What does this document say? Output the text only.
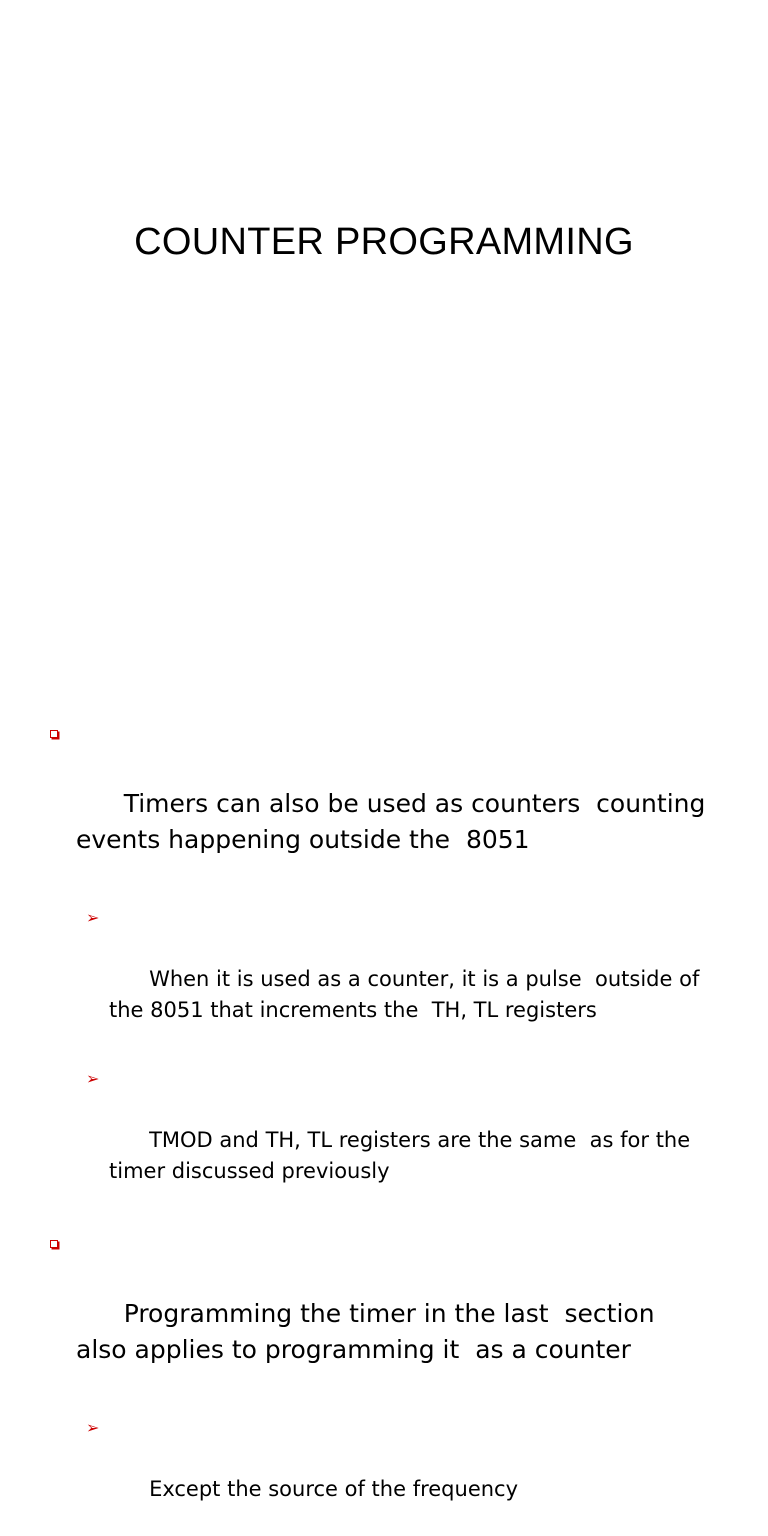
COUNTER PROGRAMMING

Timers can also be used as counters  counting events happening outside the  8051

➢

When it is used as a counter, it is a pulse  outside of the 8051 that increments the  TH, TL registers

➢

TMOD and TH, TL registers are the same  as for the timer discussed previously

Programming the timer in the last  section also applies to programming it  as a counter

➢

Except the source of the frequency
